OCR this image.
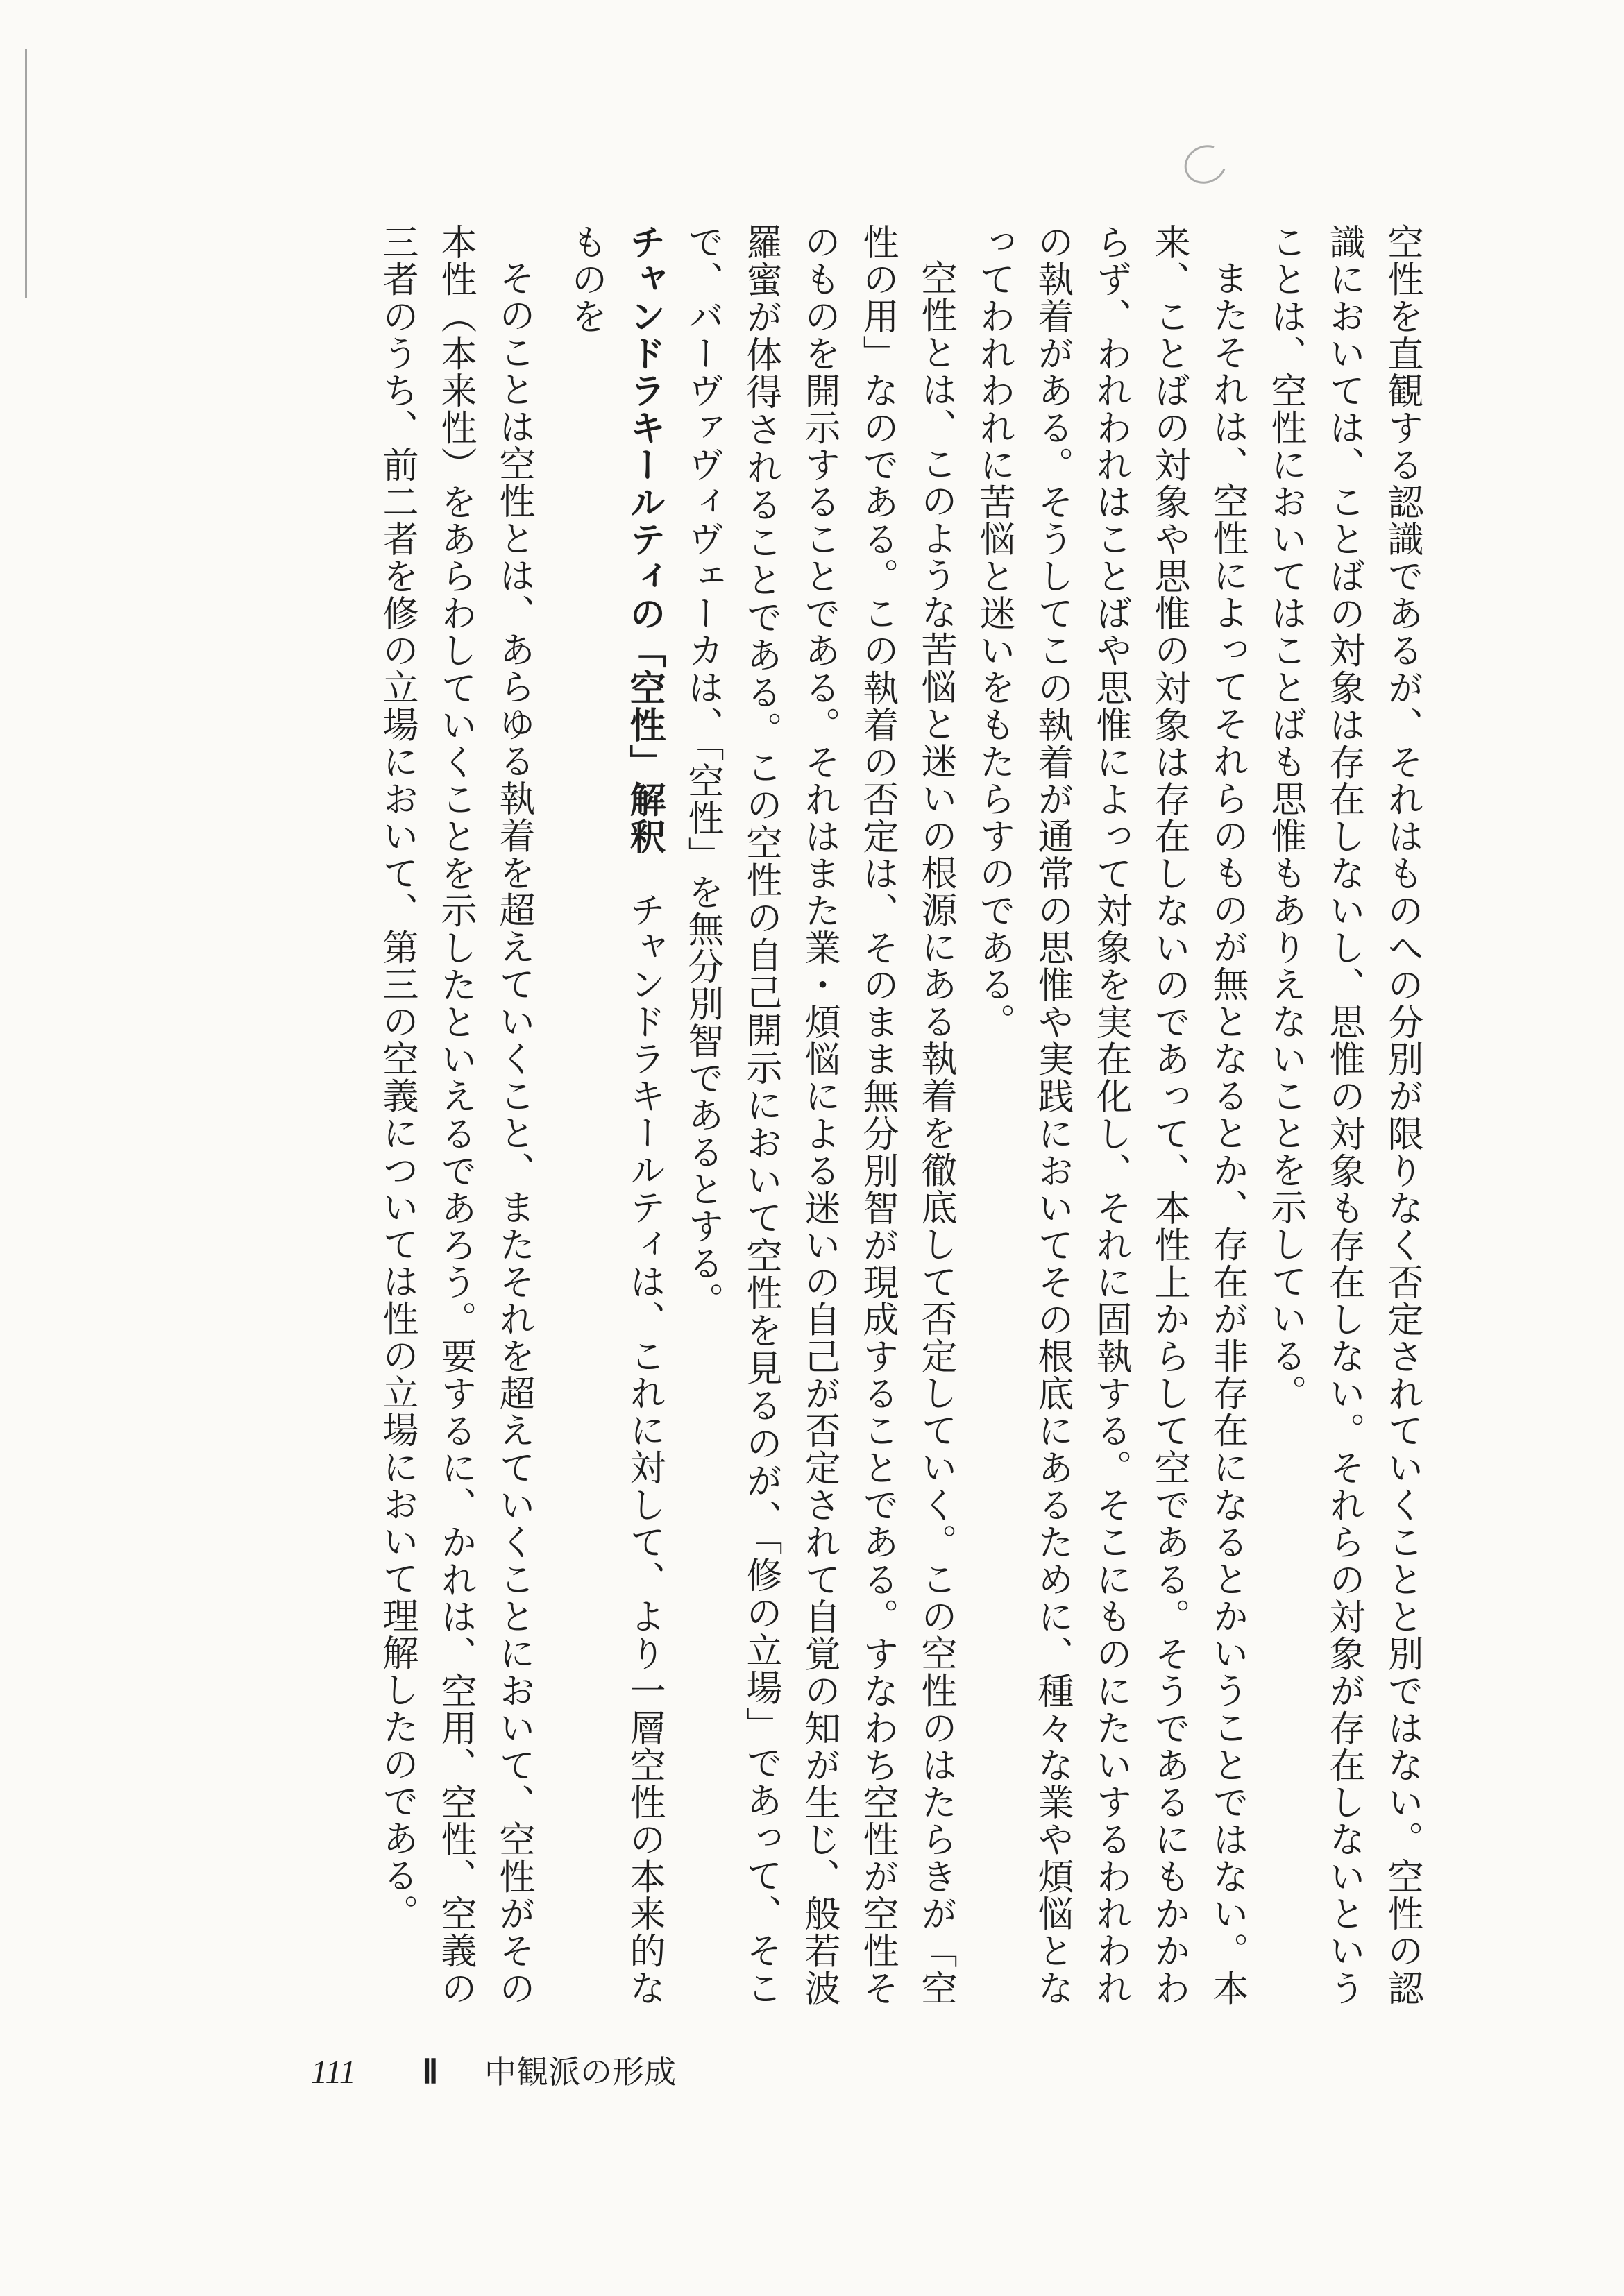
空性を直観する認識であるが、それはものへの分別が限りなく否定されていくことと別ではない。空性の認識においては、ことばの対象は存在しないし、思惟の対象も存在しない。それらの対象が存在しないということは、空性においてはことばも思惟もありえないことを示している。

またそれは、空性によってそれらのものが無となるとか、存在が非存在になるとかいうことではない。本来、ことばの対象や思惟の対象は存在しないのであって、本性上からして空である。そうであるにもかかわらず、われわれはことばや思惟によって対象を実在化し、それに固執する。そこにものにたいするわれわれの執着がある。そうしてこの執着が通常の思惟や実践においてその根底にあるために、種々な業や煩悩となってわれわれに苦悩と迷いをもたらすのである。

空性とは、このような苦悩と迷いの根源にある執着を徹底して否定していく。この空性のはたらきが「空性の用」なのである。この執着の否定は、そのまま無分別智が現成することである。すなわち空性が空性そのものを開示することである。それはまた業・煩悩による迷いの自己が否定されて自覚の知が生じ、般若波羅蜜が体得されることである。この空性の自己開示において空性を見るのが、「修の立場」であって、そこで、バーヴァヴィヴェーカは、「空性」を無分別智であるとする。

チャンドラキールティの「空性」解釈　チャンドラキールティは、これに対して、より一層空性の本来的なものを

そのことは空性とは、あらゆる執着を超えていくこと、またそれを超えていくことにおいて、空性がその本性（本来性）をあらわしていくことを示したといえるであろう。要するに、かれは、空用、空性、空義の三者のうち、前二者を修の立場において、第三の空義については性の立場において理解したのである。

111	Ⅱ	中観派の形成
